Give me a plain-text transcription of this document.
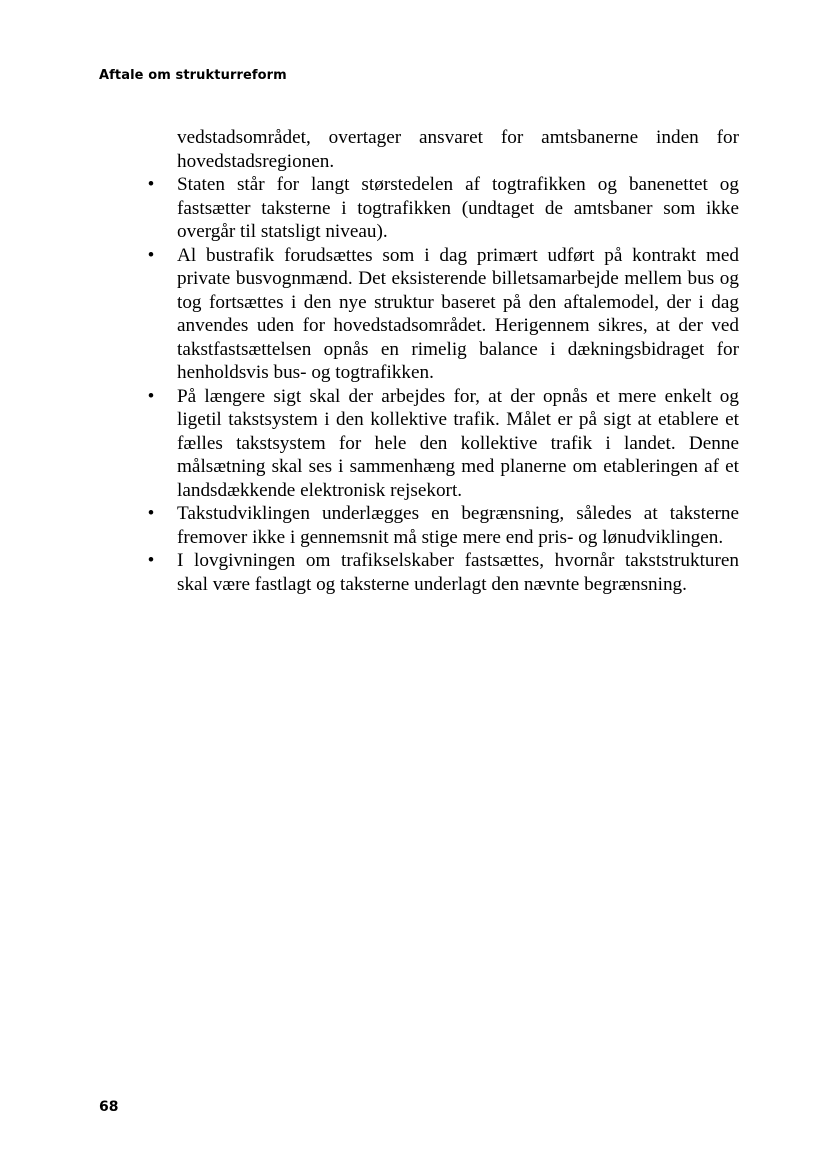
Aftale om strukturreform

vedstadsområdet, overtager ansvaret for amtsbanerne inden for hovedstadsregionen.

• Staten står for langt størstedelen af togtrafikken og banenettet og fastsætter taksterne i togtrafikken (undtaget de amtsbaner som ikke overgår til statsligt niveau).
• Al bustrafik forudsættes som i dag primært udført på kontrakt med private busvognmænd. Det eksisterende billetsamarbejde mellem bus og tog fortsættes i den nye struktur baseret på den aftalemodel, der i dag anvendes uden for hovedstadsområdet. Herigennem sikres, at der ved takstfastsættelsen opnås en rimelig balance i dækningsbidraget for henholdsvis bus- og togtrafikken.
• På længere sigt skal der arbejdes for, at der opnås et mere enkelt og ligetil takstsystem i den kollektive trafik. Målet er på sigt at etablere et fælles takstsystem for hele den kollektive trafik i landet. Denne målsætning skal ses i sammenhæng med planerne om etableringen af et landsdækkende elektronisk rejsekort.
• Takstudviklingen underlægges en begrænsning, således at taksterne fremover ikke i gennemsnit må stige mere end pris- og lønudviklingen.
• I lovgivningen om trafikselskaber fastsættes, hvornår takststrukturen skal være fastlagt og taksterne underlagt den nævnte begrænsning.
68
